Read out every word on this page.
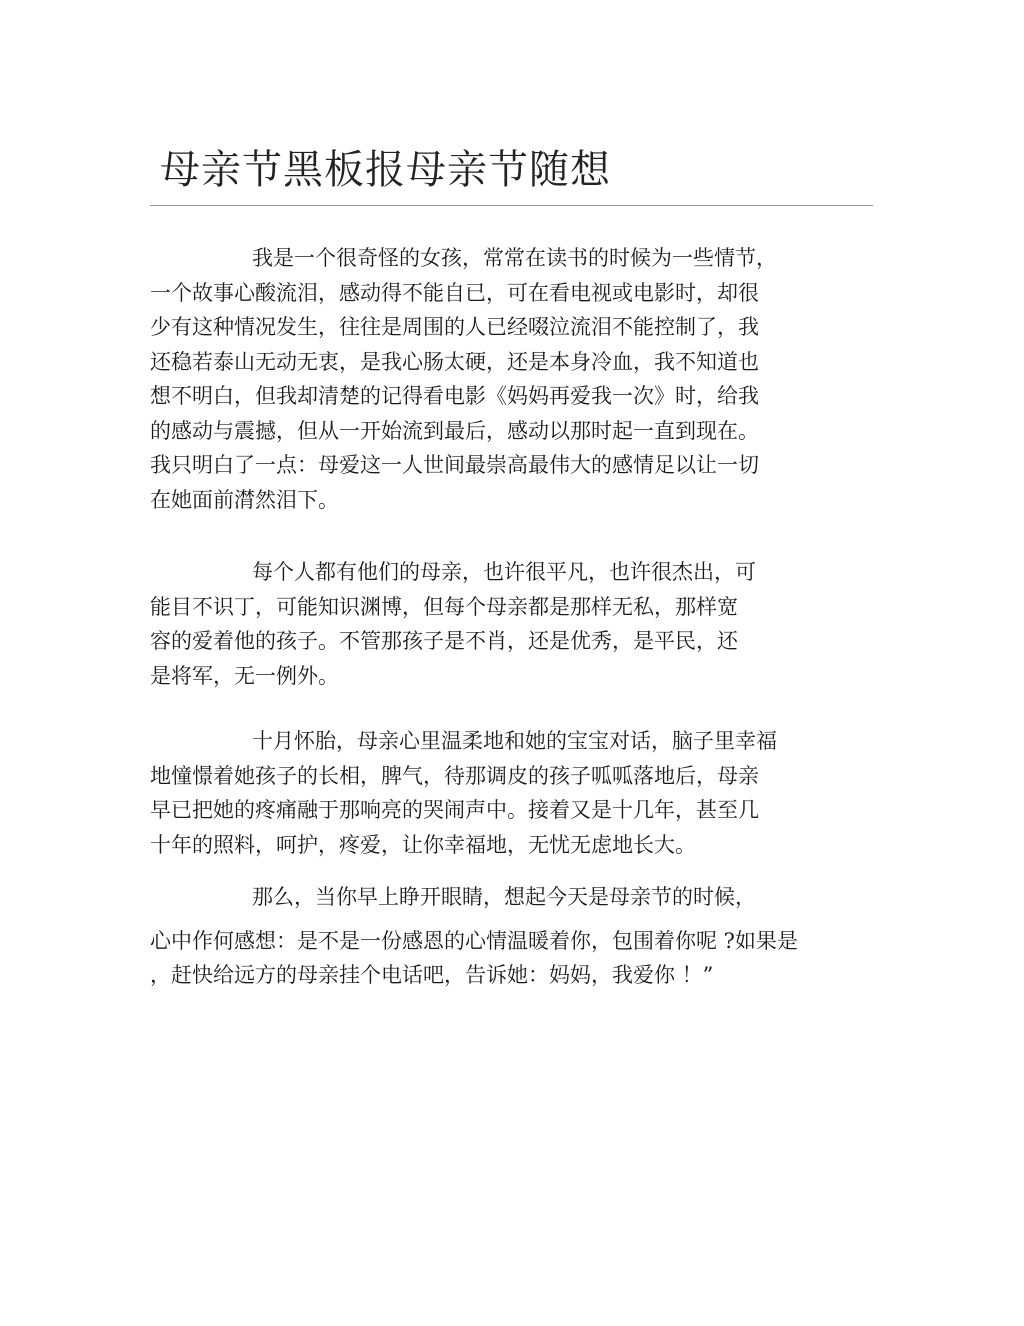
母亲节黑板报母亲节随想
我是一个很奇怪的女孩，常常在读书的时候为一些情节，
一个故事心酸流泪，感动得不能自已，可在看电视或电影时，却很
少有这种情况发生，往往是周围的人已经啜泣流泪不能控制了，我
还稳若泰山无动无衷，是我心肠太硬，还是本身冷血，我不知道也
想不明白，但我却清楚的记得看电影《妈妈再爱我一次》时，给我
的感动与震撼，但从一开始流到最后，感动以那时起一直到现在。
我只明白了一点：母爱这一人世间最崇高最伟大的感情足以让一切
在她面前潸然泪下。
每个人都有他们的母亲，也许很平凡，也许很杰出，可
能目不识丁，可能知识渊博，但每个母亲都是那样无私，那样宽
容的爱着他的孩子。不管那孩子是不肖，还是优秀，是平民，还
是将军，无一例外。
十月怀胎，母亲心里温柔地和她的宝宝对话，脑子里幸福
地憧憬着她孩子的长相，脾气，待那调皮的孩子呱呱落地后，母亲
早已把她的疼痛融于那响亮的哭闹声中。接着又是十几年，甚至几
十年的照料，呵护，疼爱，让你幸福地，无忧无虑地长大。
那么，当你早上睁开眼睛，想起今天是母亲节的时候，
心中作何感想：是不是一份感恩的心情温暖着你，包围着你呢 ?如果是
，赶快给远方的母亲挂个电话吧，告诉她：妈妈，我爱你 ！”
